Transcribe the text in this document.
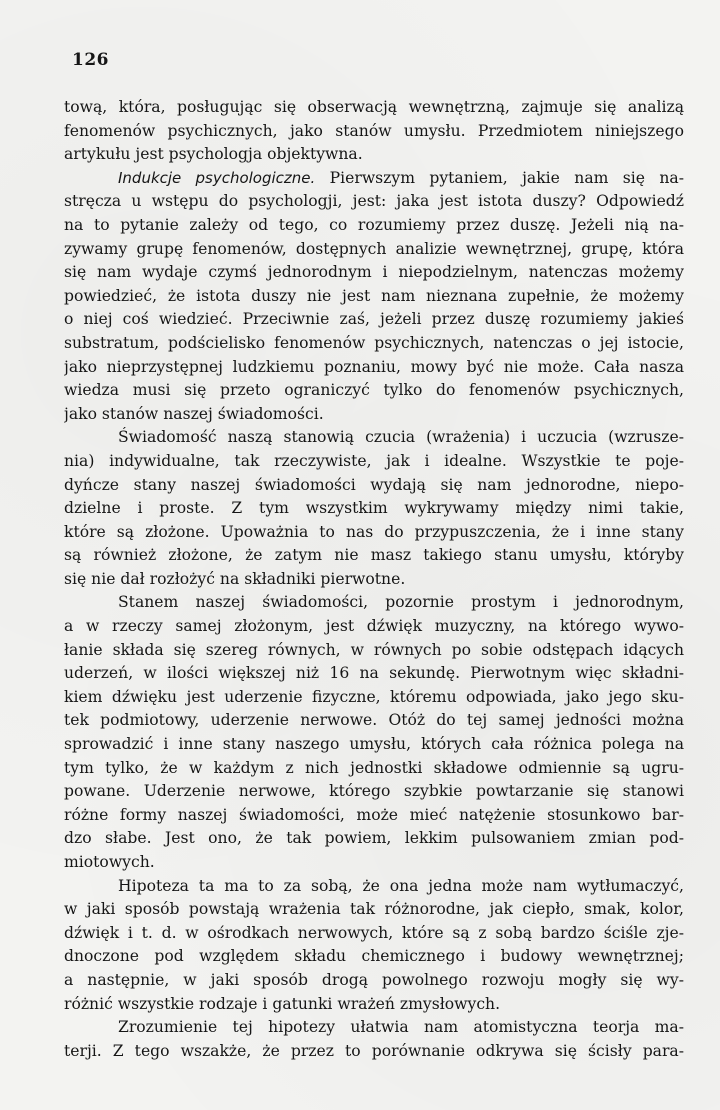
126
tową, która, posługując się obserwacją wewnętrzną, zajmuje się analizą
fenomenów psychicznych, jako stanów umysłu. Przedmiotem niniejszego
artykułu jest psychologja objektywna.
Indukcje psychologiczne. Pierwszym pytaniem, jakie nam się na-
stręcza u wstępu do psychologji, jest: jaka jest istota duszy? Odpowiedź
na to pytanie zależy od tego, co rozumiemy przez duszę. Jeżeli nią na-
zywamy grupę fenomenów, dostępnych analizie wewnętrznej, grupę, która
się nam wydaje czymś jednorodnym i niepodzielnym, natenczas możemy
powiedzieć, że istota duszy nie jest nam nieznana zupełnie, że możemy
o niej coś wiedzieć. Przeciwnie zaś, jeżeli przez duszę rozumiemy jakieś
substratum, podścielisko fenomenów psychicznych, natenczas o jej istocie,
jako nieprzystępnej ludzkiemu poznaniu, mowy być nie może. Cała nasza
wiedza musi się przeto ograniczyć tylko do fenomenów psychicznych,
jako stanów naszej świadomości.
Świadomość naszą stanowią czucia (wrażenia) i uczucia (wzrusze-
nia) indywidualne, tak rzeczywiste, jak i idealne. Wszystkie te poje-
dyńcze stany naszej świadomości wydają się nam jednorodne, niepo-
dzielne i proste. Z tym wszystkim wykrywamy między nimi takie,
które są złożone. Upoważnia to nas do przypuszczenia, że i inne stany
są również złożone, że zatym nie masz takiego stanu umysłu, któryby
się nie dał rozłożyć na składniki pierwotne.
Stanem naszej świadomości, pozornie prostym i jednorodnym,
a w rzeczy samej złożonym, jest dźwięk muzyczny, na którego wywo-
łanie składa się szereg równych, w równych po sobie odstępach idących
uderzeń, w ilości większej niż 16 na sekundę. Pierwotnym więc składni-
kiem dźwięku jest uderzenie fizyczne, któremu odpowiada, jako jego sku-
tek podmiotowy, uderzenie nerwowe. Otóż do tej samej jedności można
sprowadzić i inne stany naszego umysłu, których cała różnica polega na
tym tylko, że w każdym z nich jednostki składowe odmiennie są ugru-
powane. Uderzenie nerwowe, którego szybkie powtarzanie się stanowi
różne formy naszej świadomości, może mieć natężenie stosunkowo bar-
dzo słabe. Jest ono, że tak powiem, lekkim pulsowaniem zmian pod-
miotowych.
Hipoteza ta ma to za sobą, że ona jedna może nam wytłumaczyć,
w jaki sposób powstają wrażenia tak różnorodne, jak ciepło, smak, kolor,
dźwięk i t. d. w ośrodkach nerwowych, które są z sobą bardzo ściśle zje-
dnoczone pod względem składu chemicznego i budowy wewnętrznej;
a następnie, w jaki sposób drogą powolnego rozwoju mogły się wy-
różnić wszystkie rodzaje i gatunki wrażeń zmysłowych.
Zrozumienie tej hipotezy ułatwia nam atomistyczna teorja ma-
terji. Z tego wszakże, że przez to porównanie odkrywa się ścisły para-
